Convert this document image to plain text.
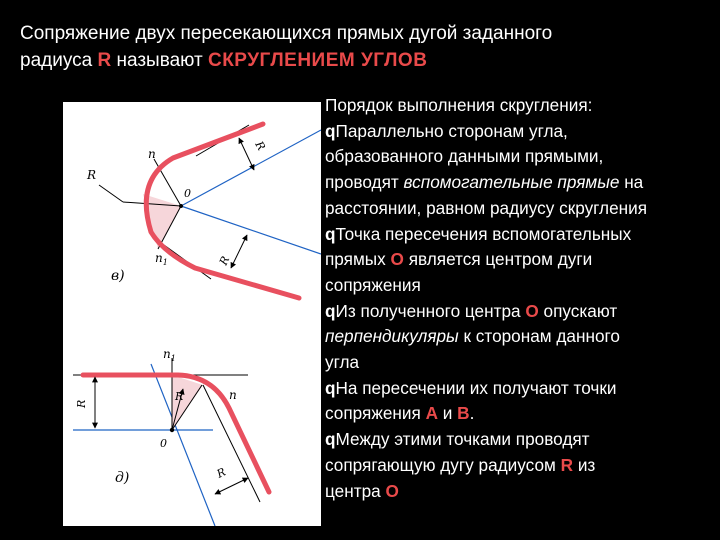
Сопряжение двух пересекающихся прямых дугой заданного
радиуса R называют СКРУГЛЕНИЕМ УГЛОВ
n
0
R
R
R
$n_1$
в)
$n_1$
n
0
R
R
R
д)
Порядок выполнения скругления:
qПараллельно сторонам угла,
образованного данными прямыми,
проводят вспомогательные прямые на
расстоянии, равном радиусу скругления
qТочка пересечения вспомогательных
прямых О является центром дуги
сопряжения
qИз полученного центра О опускают
перпендикуляры к сторонам данного
угла
qНа пересечении их получают точки
сопряжения А и В.
qМежду этими точками проводят
сопрягающую дугу радиусом R из
центра О
